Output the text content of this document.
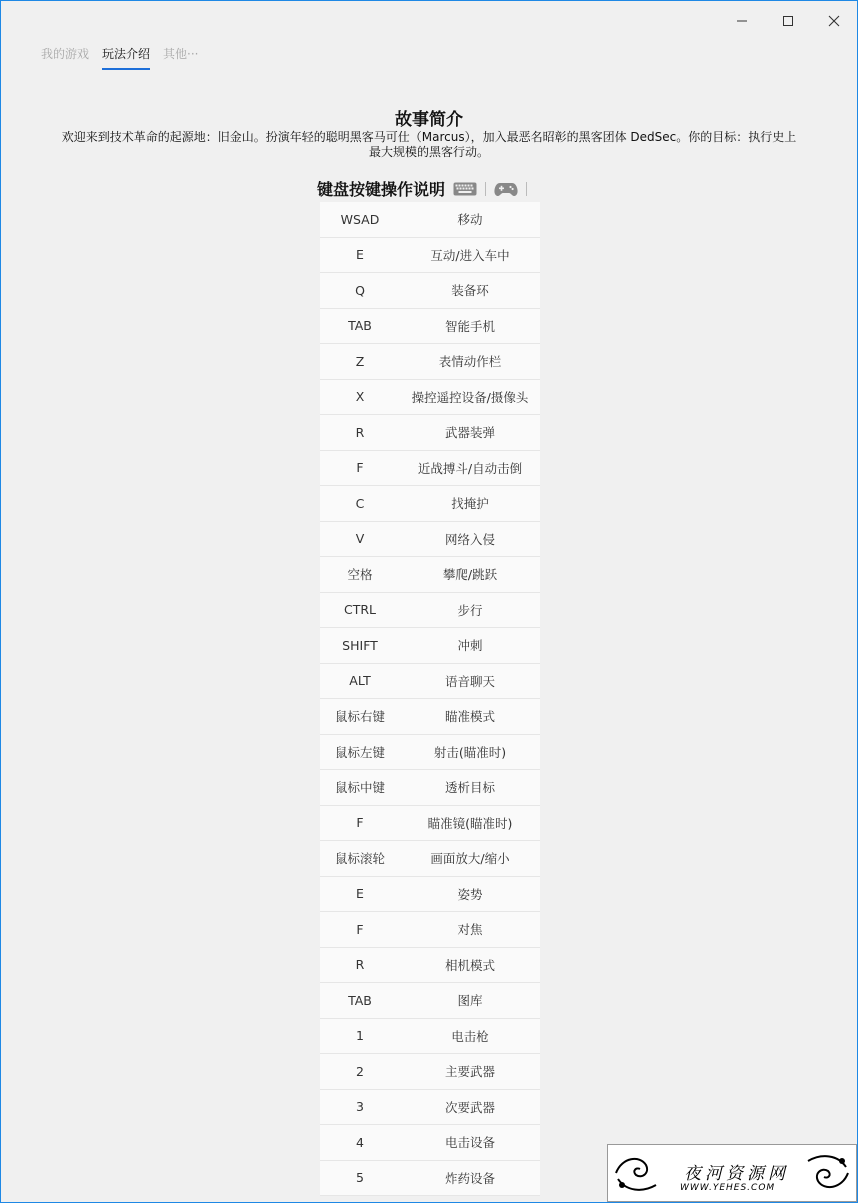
我的游戏 玩法介绍 其他···
故事简介
欢迎来到技术革命的起源地：旧金山。扮演年轻的聪明黑客马可仕（Marcus），加入最恶名昭彰的黑客团体 DedSec。你的目标：执行史上最大规模的黑客行动。
键盘按键操作说明
WSAD	移动
E	互动/进入车中
Q	装备环
TAB	智能手机
Z	表情动作栏
X	操控遥控设备/摄像头
R	武器装弹
F	近战搏斗/自动击倒
C	找掩护
V	网络入侵
空格	攀爬/跳跃
CTRL	步行
SHIFT	冲刺
ALT	语音聊天
鼠标右键	瞄准模式
鼠标左键	射击(瞄准时)
鼠标中键	透析目标
F	瞄准镜(瞄准时)
鼠标滚轮	画面放大/缩小
E	姿势
F	对焦
R	相机模式
TAB	图库
1	电击枪
2	主要武器
3	次要武器
4	电击设备
5	炸药设备	夜河资源网
WWW.YEHES.COM
